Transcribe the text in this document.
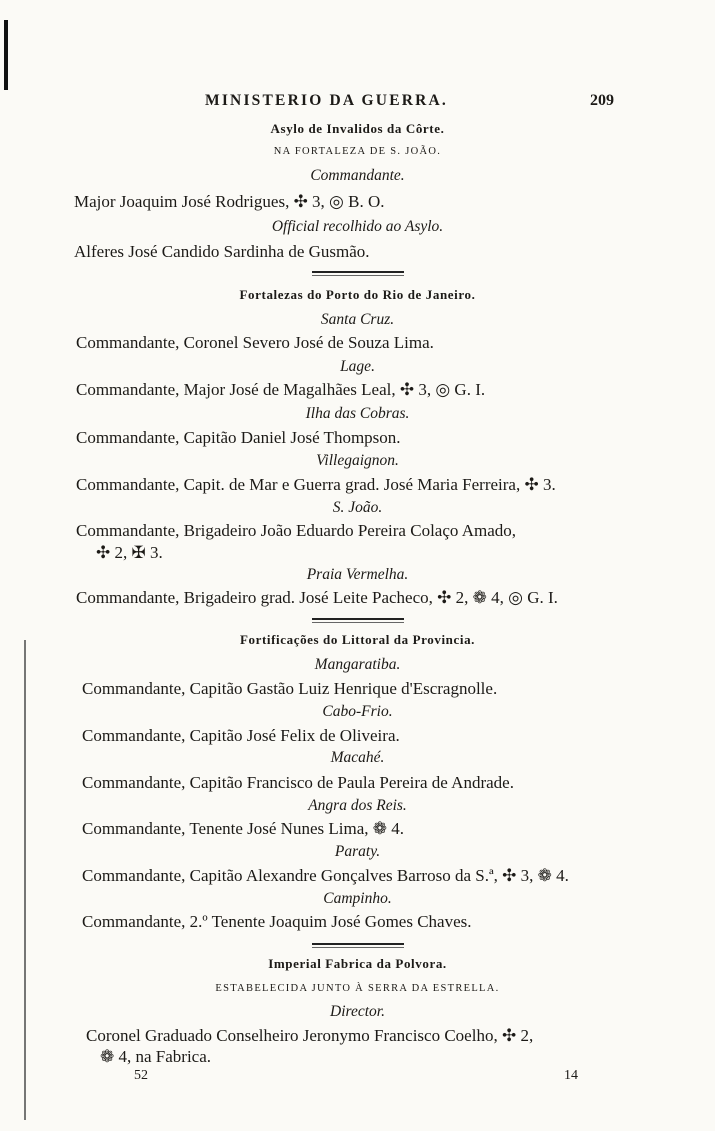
MINISTERIO DA GUERRA.	209
Asylo de Invalidos da Côrte.
NA FORTALEZA DE S. JOÃO.
Commandante.
Major Joaquim José Rodrigues, ✣ 3, ◎ B. O.
Official recolhido ao Asylo.
Alferes José Candido Sardinha de Gusmão.
Fortalezas do Porto do Rio de Janeiro.
Santa Cruz.
Commandante, Coronel Severo José de Souza Lima.
Lage.
Commandante, Major José de Magalhães Leal, ✣ 3, ◎ G. I.
Ilha das Cobras.
Commandante, Capitão Daniel José Thompson.
Villegaignon.
Commandante, Capit. de Mar e Guerra grad. José Maria Ferreira, ✣ 3.
S. João.
Commandante, Brigadeiro João Eduardo Pereira Colaço Amado,
✣ 2, ✠ 3.
Praia Vermelha.
Commandante, Brigadeiro grad. José Leite Pacheco, ✣ 2, ❁ 4, ◎ G. I.
Fortificações do Littoral da Provincia.
Mangaratiba.
Commandante, Capitão Gastão Luiz Henrique d'Escragnolle.
Cabo-Frio.
Commandante, Capitão José Felix de Oliveira.
Macahé.
Commandante, Capitão Francisco de Paula Pereira de Andrade.
Angra dos Reis.
Commandante, Tenente José Nunes Lima, ❁ 4.
Paraty.
Commandante, Capitão Alexandre Gonçalves Barroso da S.ª, ✣ 3, ❁ 4.
Campinho.
Commandante, 2.º Tenente Joaquim José Gomes Chaves.
Imperial Fabrica da Polvora.
ESTABELECIDA JUNTO À SERRA DA ESTRELLA.
Director.
Coronel Graduado Conselheiro Jeronymo Francisco Coelho, ✣ 2,
❁ 4, na Fabrica.
52	14
